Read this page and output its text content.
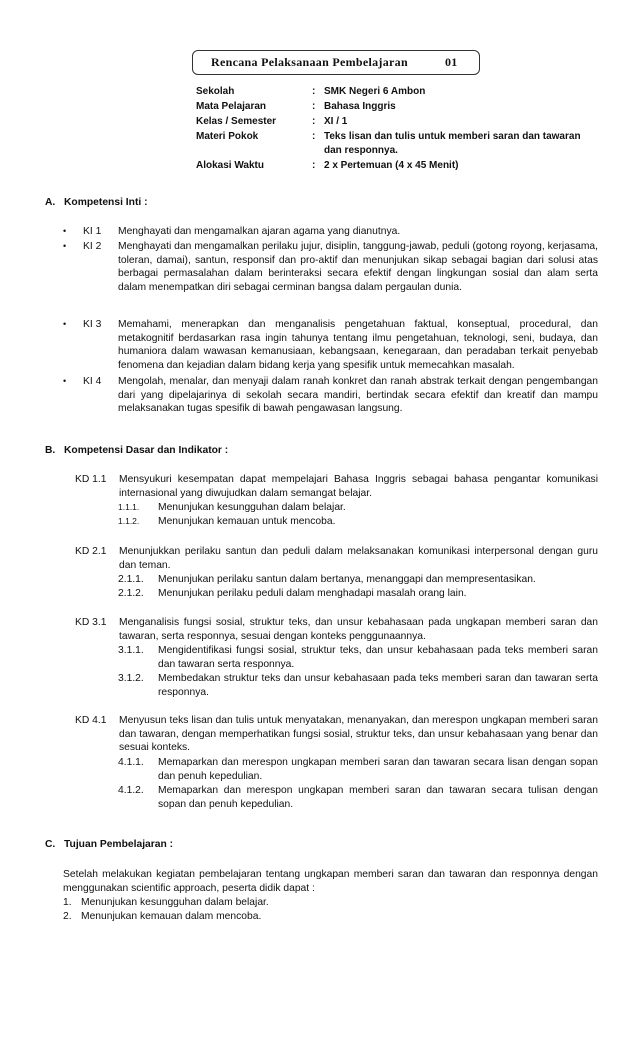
Rencana Pelaksanaan Pembelajaran	01
Sekolah	: SMK Negeri 6 Ambon
Mata Pelajaran	: Bahasa Inggris
Kelas / Semester	: XI / 1
Materi Pokok	: Teks lisan dan tulis untuk memberi saran dan tawaran dan responnya.
Alokasi Waktu	: 2 x Pertemuan (4 x 45 Menit)
A. Kompetensi Inti :
• KI 1 Menghayati dan mengamalkan ajaran agama yang dianutnya.
• KI 2 Menghayati dan mengamalkan perilaku jujur, disiplin, tanggung-jawab, peduli (gotong royong, kerjasama, toleran, damai), santun, responsif dan pro-aktif dan menunjukan sikap sebagai bagian dari solusi atas berbagai permasalahan dalam berinteraksi secara efektif dengan lingkungan sosial dan alam serta dalam menempatkan diri sebagai cerminan bangsa dalam pergaulan dunia.
• KI 3 Memahami, menerapkan dan menganalisis pengetahuan faktual, konseptual, procedural, dan metakognitif berdasarkan rasa ingin tahunya tentang ilmu pengetahuan, teknologi, seni, budaya, dan humaniora dalam wawasan kemanusiaan, kebangsaan, kenegaraan, dan peradaban terkait penyebab fenomena dan kejadian dalam bidang kerja yang spesifik untuk memecahkan masalah.
• KI 4 Mengolah, menalar, dan menyaji dalam ranah konkret dan ranah abstrak terkait dengan pengembangan dari yang dipelajarinya di sekolah secara mandiri, bertindak secara efektif dan kreatif dan mampu melaksanakan tugas spesifik di bawah pengawasan langsung.
B. Kompetensi Dasar dan Indikator :
KD 1.1 Mensyukuri kesempatan dapat mempelajari Bahasa Inggris sebagai bahasa pengantar komunikasi internasional yang diwujudkan dalam semangat belajar.
1.1.1. Menunjukan kesungguhan dalam belajar.
1.1.2. Menunjukan kemauan untuk mencoba.
KD 2.1 Menunjukkan perilaku santun dan peduli dalam melaksanakan komunikasi interpersonal dengan guru dan teman.
2.1.1. Menunjukan perilaku santun dalam bertanya, menanggapi dan mempresentasikan.
2.1.2. Menunjukan perilaku peduli dalam menghadapi masalah orang lain.
KD 3.1 Menganalisis fungsi sosial, struktur teks, dan unsur kebahasaan pada ungkapan memberi saran dan tawaran, serta responnya, sesuai dengan konteks penggunaannya.
3.1.1. Mengidentifikasi fungsi sosial, struktur teks, dan unsur kebahasaan pada teks memberi saran dan tawaran serta responnya.
3.1.2. Membedakan struktur teks dan unsur kebahasaan pada teks memberi saran dan tawaran serta responnya.
KD 4.1 Menyusun teks lisan dan tulis untuk menyatakan, menanyakan, dan merespon ungkapan memberi saran dan tawaran, dengan memperhatikan fungsi sosial, struktur teks, dan unsur kebahasaan yang benar dan sesuai konteks.
4.1.1. Memaparkan dan merespon ungkapan memberi saran dan tawaran secara lisan dengan sopan dan penuh kepedulian.
4.1.2. Memaparkan dan merespon ungkapan memberi saran dan tawaran secara tulisan dengan sopan dan penuh kepedulian.
C. Tujuan Pembelajaran :
Setelah melakukan kegiatan pembelajaran tentang ungkapan memberi saran dan tawaran dan responnya dengan menggunakan scientific approach, peserta didik dapat :
1. Menunjukan kesungguhan dalam belajar.
2. Menunjukan kemauan dalam mencoba.
